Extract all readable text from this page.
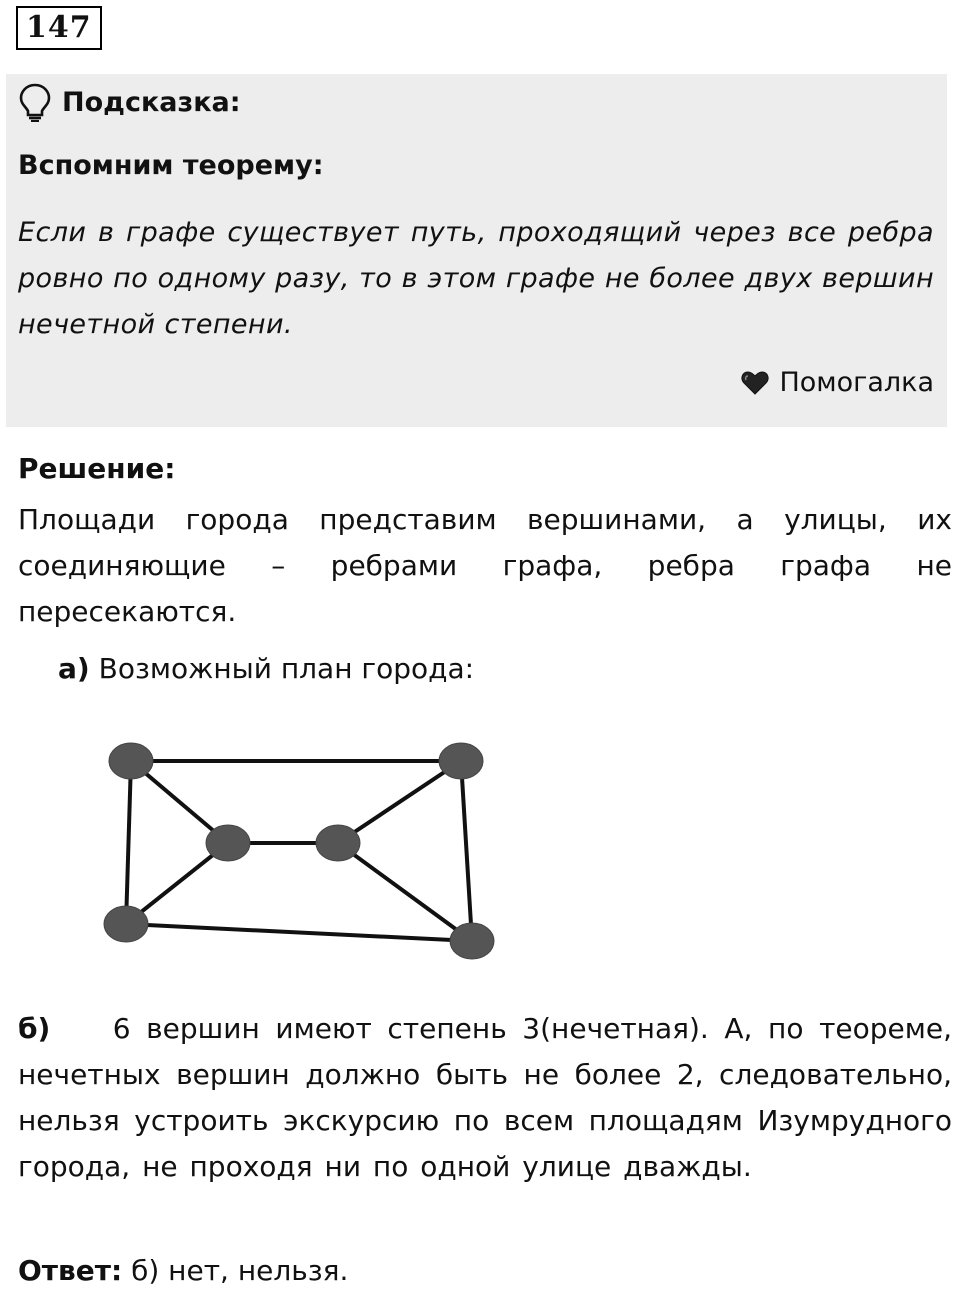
147
Подсказка:
Вспомним теорему:
Если в графе существует путь, проходящий через все ребра ровно по одному разу, то в этом графе не более двух вершин нечетной степени.
Помогалка
Решение:
Площади города представим вершинами, а улицы, их соединяющие – ребрами графа, ребра графа не пересекаются.
а) Возможный план города:
б) 6 вершин имеют степень 3(нечетная). А, по теореме, нечетных вершин должно быть не более 2, следовательно, нельзя устроить экскурсию по всем площадям Изумрудного города, не проходя ни по одной улице дважды.
Ответ: б) нет, нельзя.
